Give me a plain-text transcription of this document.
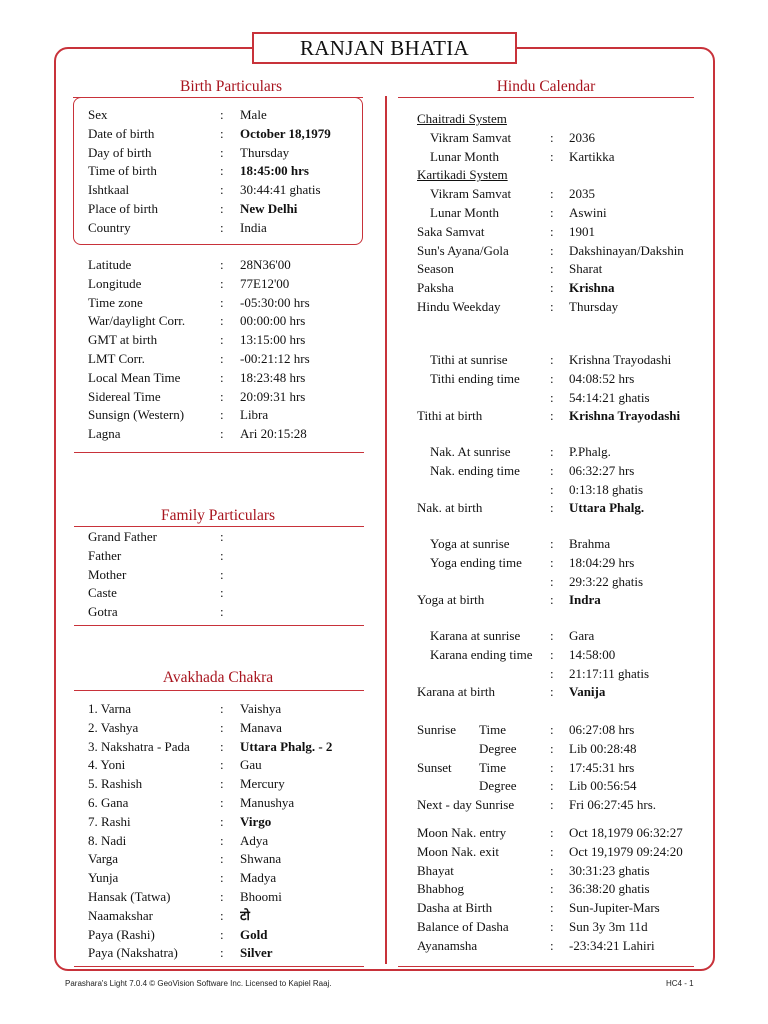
RANJAN BHATIA
Birth Particulars
Sex	:	Male
Date of birth	:	October 18,1979
Day of birth	:	Thursday
Time of birth	:	18:45:00 hrs
Ishtkaal	:	30:44:41 ghatis
Place of birth	:	New Delhi
Country	:	India
Latitude	:	28N36'00
Longitude	:	77E12'00
Time zone	:	-05:30:00 hrs
War/daylight Corr.	:	00:00:00 hrs
GMT at birth	:	13:15:00 hrs
LMT Corr.	:	-00:21:12 hrs
Local Mean Time	:	18:23:48 hrs
Sidereal Time	:	20:09:31 hrs
Sunsign (Western)	:	Libra
Lagna	:	Ari 20:15:28
Family Particulars
Grand Father	:
Father	:
Mother	:
Caste	:
Gotra	:
Avakhada Chakra
1. Varna	:	Vaishya
2. Vashya	:	Manava
3. Nakshatra - Pada	:	Uttara Phalg. - 2
4. Yoni	:	Gau
5. Rashish	:	Mercury
6. Gana	:	Manushya
7. Rashi	:	Virgo
8. Nadi	:	Adya
Varga	:	Shwana
Yunja	:	Madya
Hansak (Tatwa)	:	Bhoomi
Naamakshar	:	टो
Paya (Rashi)	:	Gold
Paya (Nakshatra)	:	Silver
Hindu Calendar
Chaitradi System
Vikram Samvat	:	2036
Lunar Month	:	Kartikka
Kartikadi System
Vikram Samvat	:	2035
Lunar Month	:	Aswini
Saka Samvat	:	1901
Sun's Ayana/Gola	:	Dakshinayan/Dakshin
Season	:	Sharat
Paksha	:	Krishna
Hindu Weekday	:	Thursday
Tithi at sunrise	:	Krishna Trayodashi
Tithi ending time	:	04:08:52 hrs
:	54:14:21 ghatis
Tithi at birth	:	Krishna Trayodashi
Nak. At sunrise	:	P.Phalg.
Nak. ending time	:	06:32:27 hrs
:	0:13:18 ghatis
Nak. at birth	:	Uttara Phalg.
Yoga at sunrise	:	Brahma
Yoga ending time	:	18:04:29 hrs
:	29:3:22 ghatis
Yoga at birth	:	Indra
Karana at sunrise	:	Gara
Karana ending time	:	14:58:00
:	21:17:11 ghatis
Karana at birth	:	Vanija
Sunrise Time	:	06:27:08 hrs
Degree	:	Lib 00:28:48
Sunset Time	:	17:45:31 hrs
Degree	:	Lib 00:56:54
Next - day Sunrise	:	Fri 06:27:45 hrs.
Moon Nak. entry	:	Oct 18,1979 06:32:27
Moon Nak. exit	:	Oct 19,1979 09:24:20
Bhayat	:	30:31:23 ghatis
Bhabhog	:	36:38:20 ghatis
Dasha at Birth	:	Sun-Jupiter-Mars
Balance of Dasha	:	Sun 3y 3m 11d
Ayanamsha	:	-23:34:21 Lahiri
Parashara's Light 7.0.4 © GeoVision Software Inc. Licensed to Kapiel Raaj.	HC4 - 1
